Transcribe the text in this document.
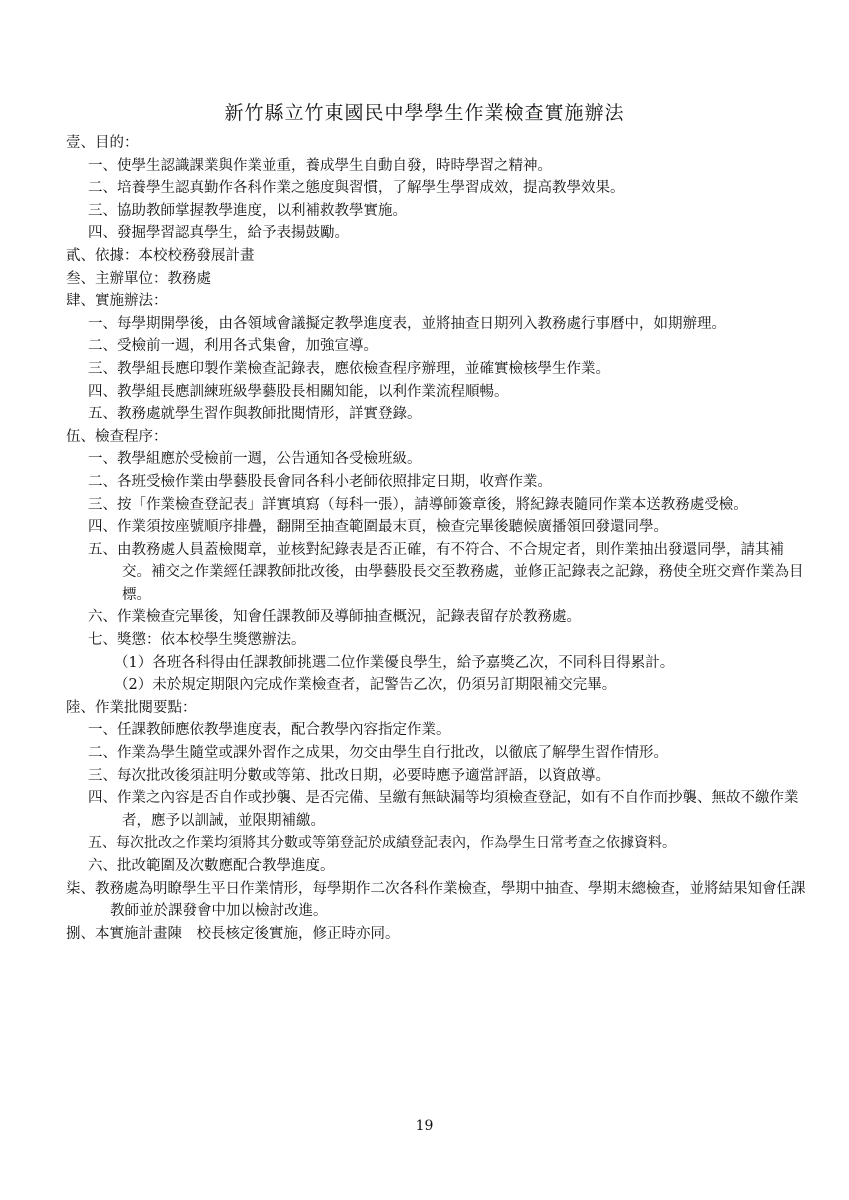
新竹縣立竹東國民中學學生作業檢查實施辦法
壹、目的：
一、使學生認識課業與作業並重，養成學生自動自發，時時學習之精神。
二、培養學生認真勤作各科作業之態度與習慣，了解學生學習成效，提高教學效果。
三、協助教師掌握教學進度，以利補救教學實施。
四、發掘學習認真學生，給予表揚鼓勵。
貳、依據：本校校務發展計畫
叁、主辦單位：教務處
肆、實施辦法：
一、每學期開學後，由各領域會議擬定教學進度表，並將抽查日期列入教務處行事曆中，如期辦理。
二、受檢前一週，利用各式集會，加強宣導。
三、教學組長應印製作業檢查記錄表，應依檢查程序辦理，並確實檢核學生作業。
四、教學組長應訓練班級學藝股長相關知能，以利作業流程順暢。
五、教務處就學生習作與教師批閱情形，詳實登錄。
伍、檢查程序：
一、教學組應於受檢前一週，公告通知各受檢班級。
二、各班受檢作業由學藝股長會同各科小老師依照排定日期，收齊作業。
三、按「作業檢查登記表」詳實填寫（每科一張），請導師簽章後，將紀錄表隨同作業本送教務處受檢。
四、作業須按座號順序排疊，翻開至抽查範圍最末頁，檢查完畢後聽候廣播領回發還同學。
五、由教務處人員蓋檢閱章，並核對紀錄表是否正確，有不符合、不合規定者，則作業抽出發還同學，請其補交。補交之作業經任課教師批改後，由學藝股長交至教務處，並修正記錄表之記錄，務使全班交齊作業為目標。
六、作業檢查完畢後，知會任課教師及導師抽查概況，記錄表留存於教務處。
七、獎懲：依本校學生獎懲辦法。
（1）各班各科得由任課教師挑選二位作業優良學生，給予嘉獎乙次，不同科目得累計。
（2）未於規定期限內完成作業檢查者，記警告乙次，仍須另訂期限補交完畢。
陸、作業批閱要點：
一、任課教師應依教學進度表，配合教學內容指定作業。
二、作業為學生隨堂或課外習作之成果，勿交由學生自行批改，以徹底了解學生習作情形。
三、每次批改後須註明分數或等第、批改日期，必要時應予適當評語，以資啟導。
四、作業之內容是否自作或抄襲、是否完備、呈繳有無缺漏等均須檢查登記，如有不自作而抄襲、無故不繳作業者，應予以訓誡，並限期補繳。
五、每次批改之作業均須將其分數或等第登記於成績登記表內，作為學生日常考查之依據資料。
六、批改範圍及次數應配合教學進度。
柒、教務處為明瞭學生平日作業情形，每學期作二次各科作業檢查，學期中抽查、學期末總檢查，並將結果知會任課教師並於課發會中加以檢討改進。
捌、本實施計畫陳　校長核定後實施，修正時亦同。
19
